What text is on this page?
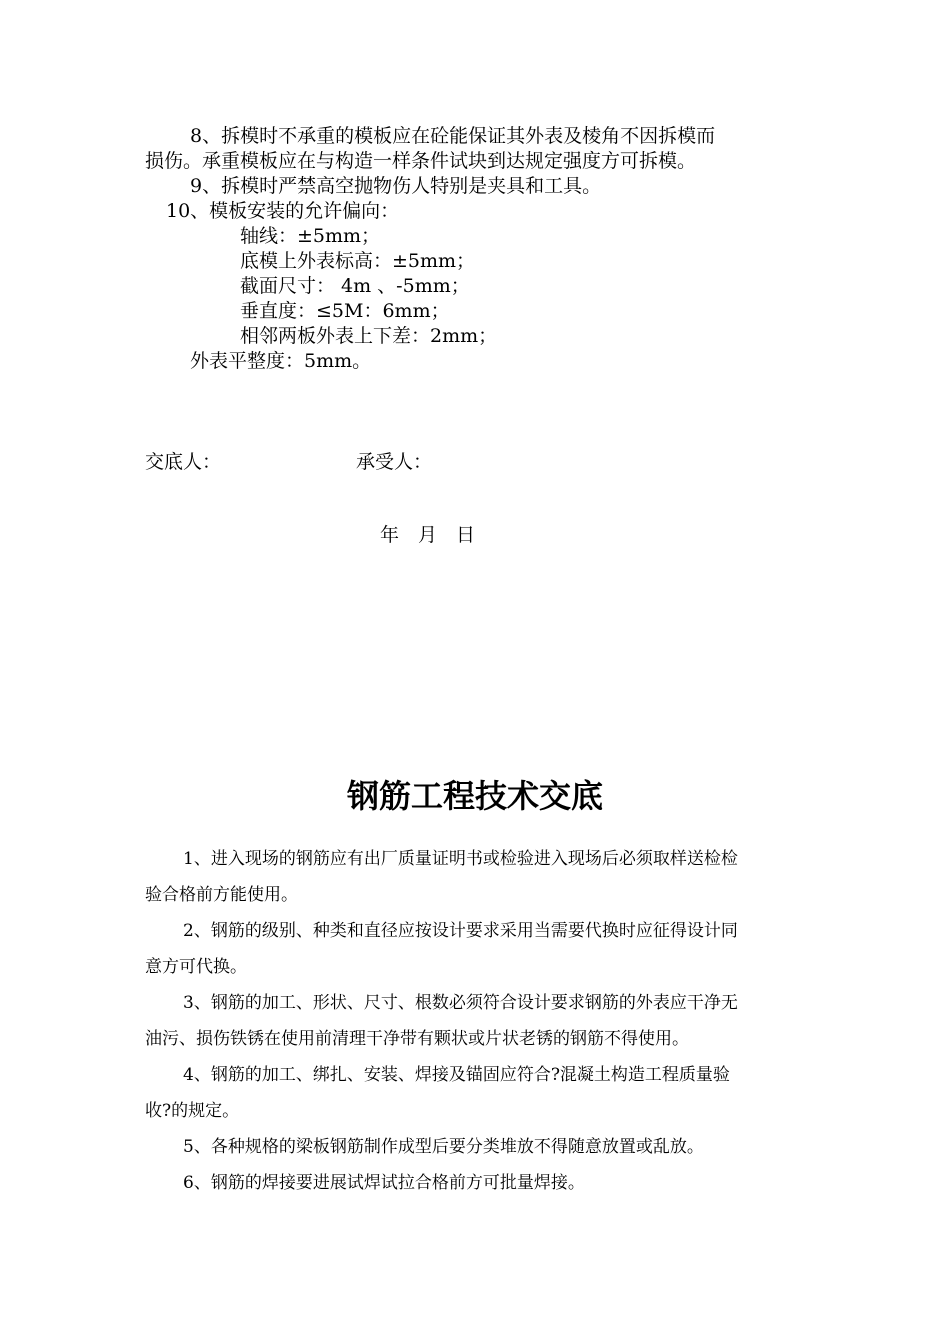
8、拆模时不承重的模板应在砼能保证其外表及棱角不因拆模而
损伤。承重模板应在与构造一样条件试块到达规定强度方可拆模。
9、拆模时严禁高空抛物伤人特别是夹具和工具。
10、模板安装的允许偏向：
轴线：±5mm；
底模上外表标高：±5mm；
截面尺寸： 4m 、-5mm；
垂直度：≤5M：6mm；
相邻两板外表上下差：2mm；
外表平整度：5mm。
交底人：	承受人：
年　月　日
钢筋工程技术交底
1、进入现场的钢筋应有出厂质量证明书或检验进入现场后必须取样送检检
验合格前方能使用。
2、钢筋的级别、种类和直径应按设计要求采用当需要代换时应征得设计同
意方可代换。
3、钢筋的加工、形状、尺寸、根数必须符合设计要求钢筋的外表应干净无
油污、损伤铁锈在使用前清理干净带有颗状或片状老锈的钢筋不得使用。
4、钢筋的加工、绑扎、安装、焊接及锚固应符合?混凝土构造工程质量验
收?的规定。
5、各种规格的梁板钢筋制作成型后要分类堆放不得随意放置或乱放。
6、钢筋的焊接要进展试焊试拉合格前方可批量焊接。
